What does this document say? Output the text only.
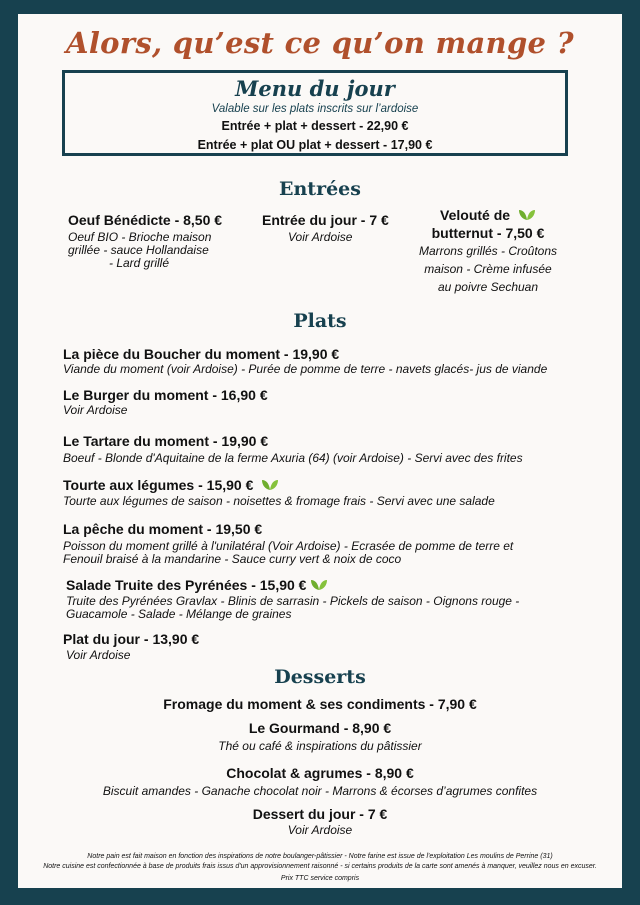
Alors, qu’est ce qu’on mange ?
Menu du jour
Valable sur les plats inscrits sur l’ardoise
Entrée + plat + dessert - 22,90 €
Entrée + plat OU plat + dessert - 17,90 €
Entrées
Oeuf Bénédicte - 8,50 €
Oeuf BIO - Brioche maison
grillée - sauce Hollandaise
- Lard grillé
Entrée du jour - 7 €
Voir Ardoise
Velouté de
butternut - 7,50 €
Marrons grillés - Croûtons
maison - Crème infusée
au poivre Sechuan
Plats
La pièce du Boucher du moment - 19,90 €
Viande du moment (voir Ardoise) - Purée de pomme de terre - navets glacés- jus de viande
Le Burger du moment - 16,90 €
Voir Ardoise
Le Tartare du moment - 19,90 €
Boeuf - Blonde d'Aquitaine de la ferme Axuria (64) (voir Ardoise) - Servi avec des frites
Tourte aux légumes - 15,90 €
Tourte aux légumes de saison - noisettes & fromage frais - Servi avec une salade
La pêche du moment - 19,50 €
Poisson du moment grillé à l'unilatéral (Voir Ardoise) - Ecrasée de pomme de terre et
Fenouil braisé à la mandarine - Sauce curry vert & noix de coco
Salade Truite des Pyrénées - 15,90 €
Truite des Pyrénées Gravlax - Blinis de sarrasin - Pickels de saison - Oignons rouge -
Guacamole - Salade - Mélange de graines
Plat du jour - 13,90 €
Voir Ardoise
Desserts
Fromage du moment & ses condiments - 7,90 €
Le Gourmand - 8,90 €
Thé ou café & inspirations du pâtissier
Chocolat & agrumes - 8,90 €
Biscuit amandes - Ganache chocolat noir - Marrons & écorses d’agrumes confites
Dessert du jour - 7 €
Voir Ardoise
Notre pain est fait maison en fonction des inspirations de notre boulanger-pâtissier - Notre farine est issue de l'exploitation Les moulins de Perrine (31)
Notre cuisine est confectionnée à base de produits frais issus d'un approvisionnement raisonné - si certains produits de la carte sont amenés à manquer, veuillez nous en excuser.
Prix TTC service compris
